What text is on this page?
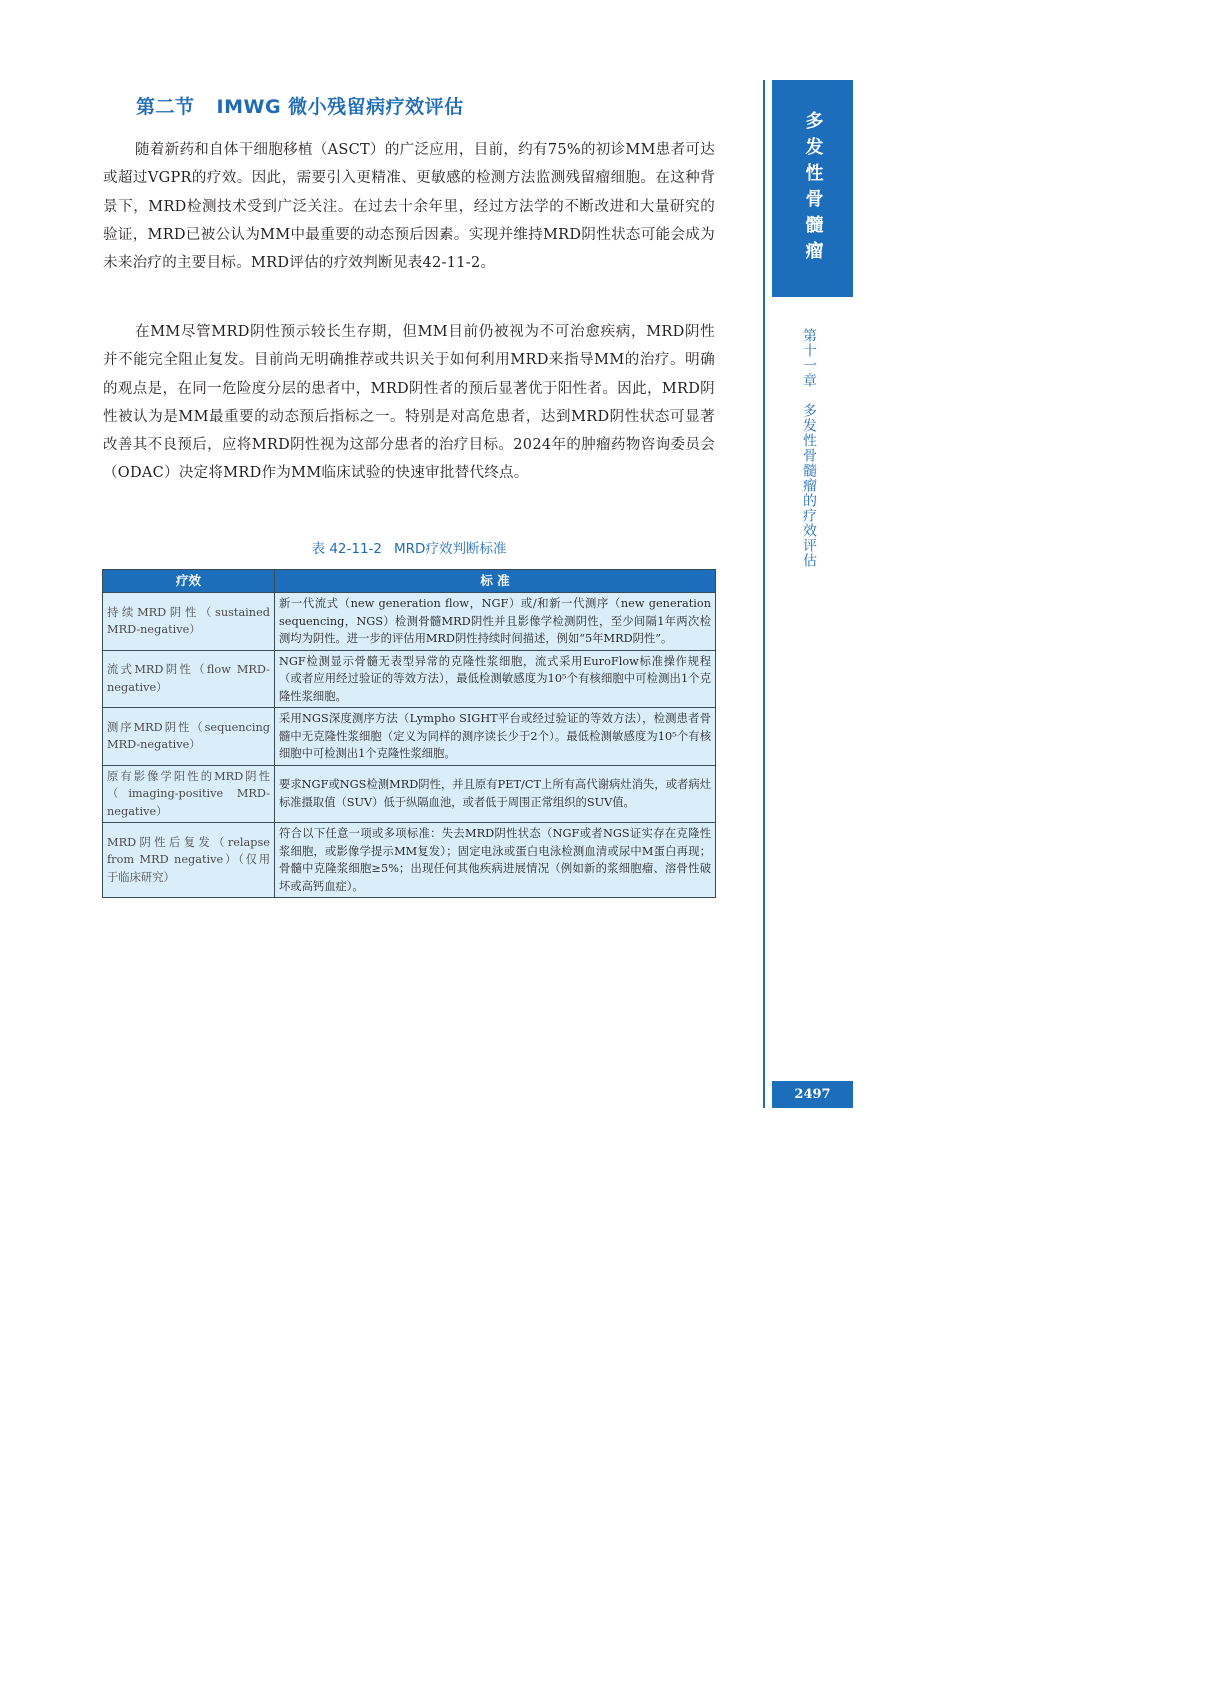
第二节 IMWG 微小残留病疗效评估

随着新药和自体干细胞移植（ASCT）的广泛应用，目前，约有75%的初诊MM患者可达或超过VGPR的疗效。因此，需要引入更精准、更敏感的检测方法监测残留瘤细胞。在这种背景下，MRD检测技术受到广泛关注。在过去十余年里，经过方法学的不断改进和大量研究的验证，MRD已被公认为MM中最重要的动态预后因素。实现并维持MRD阴性状态可能会成为未来治疗的主要目标。MRD评估的疗效判断见表42-11-2。

在MM尽管MRD阴性预示较长生存期，但MM目前仍被视为不可治愈疾病，MRD阴性并不能完全阻止复发。目前尚无明确推荐或共识关于如何利用MRD来指导MM的治疗。明确的观点是，在同一危险度分层的患者中，MRD阴性者的预后显著优于阳性者。因此，MRD阴性被认为是MM最重要的动态预后指标之一。特别是对高危患者，达到MRD阴性状态可显著改善其不良预后，应将MRD阴性视为这部分患者的治疗目标。2024年的肿瘤药物咨询委员会（ODAC）决定将MRD作为MM临床试验的快速审批替代终点。

表 42-11-2 MRD疗效判断标准
疗效	标 准
持续MRD阴性（sustained MRD-negative）	新一代流式（new generation flow，NGF）或/和新一代测序（new generation sequencing，NGS）检测骨髓MRD阴性并且影像学检测阴性，至少间隔1年两次检测均为阴性。进一步的评估用MRD阴性持续时间描述，例如“5年MRD阴性”。
流式MRD阴性（flow MRD- negative）	NGF检测显示骨髓无表型异常的克隆性浆细胞，流式采用EuroFlow标准操作规程（或者应用经过验证的等效方法），最低检测敏感度为10⁵个有核细胞中可检测出1个克隆性浆细胞。
测序MRD阴性（sequencing MRD-negative）	采用NGS深度测序方法（Lympho SIGHT平台或经过验证的等效方法），检测患者骨髓中无克隆性浆细胞（定义为同样的测序读长少于2个）。最低检测敏感度为10⁵个有核细胞中可检测出1个克隆性浆细胞。
原有影像学阳性的MRD阴性（imaging-positive MRD-negative）	要求NGF或NGS检测MRD阴性，并且原有PET/CT上所有高代谢病灶消失，或者病灶标准摄取值（SUV）低于纵隔血池，或者低于周围正常组织的SUV值。
MRD阴性后复发（relapse from MRD negative）（仅用于临床研究）	符合以下任意一项或多项标准：失去MRD阴性状态（NGF或者NGS证实存在克隆性浆细胞，或影像学提示MM复发）；固定电泳或蛋白电泳检测血清或尿中M蛋白再现；骨髓中克隆浆细胞≥5%；出现任何其他疾病进展情况（例如新的浆细胞瘤、溶骨性破坏或高钙血症）。
多发性骨髓瘤
第十一章　多发性骨髓瘤的疗效评估
2497
